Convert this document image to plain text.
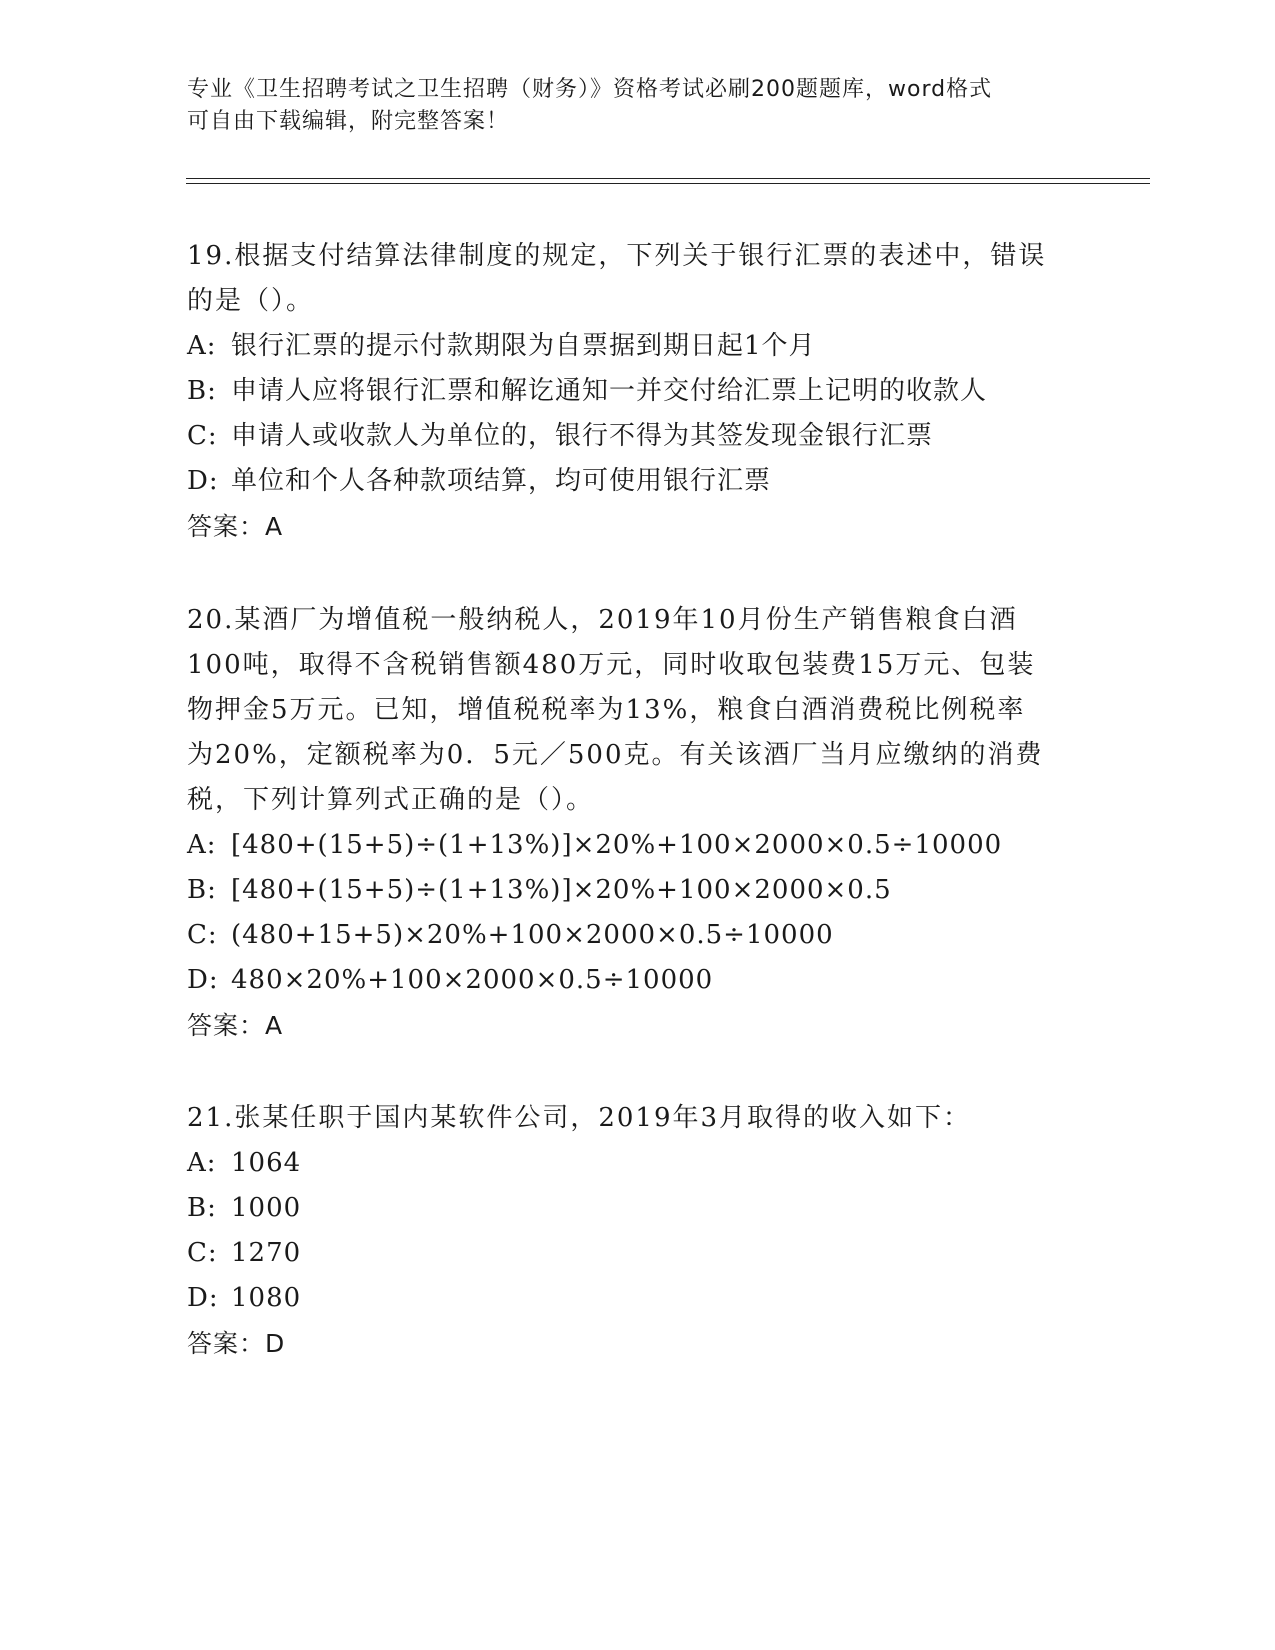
专业《卫生招聘考试之卫生招聘（财务）》资格考试必刷200题题库，word格式
可自由下载编辑，附完整答案！
19.根据支付结算法律制度的规定，下列关于银行汇票的表述中，错误
的是（）。
A: 银行汇票的提示付款期限为自票据到期日起1个月
B: 申请人应将银行汇票和解讫通知一并交付给汇票上记明的收款人
C: 申请人或收款人为单位的，银行不得为其签发现金银行汇票
D: 单位和个人各种款项结算，均可使用银行汇票
答案：A
20.某酒厂为增值税一般纳税人，2019年10月份生产销售粮食白酒
100吨，取得不含税销售额480万元，同时收取包装费15万元、包装
物押金5万元。已知，增值税税率为13%，粮食白酒消费税比例税率
为20%，定额税率为0．5元／500克。有关该酒厂当月应缴纳的消费
税，下列计算列式正确的是（）。
A: [480+(15+5)÷(1+13%)]×20%+100×2000×0.5÷10000
B: [480+(15+5)÷(1+13%)]×20%+100×2000×0.5
C: (480+15+5)×20%+100×2000×0.5÷10000
D: 480×20%+100×2000×0.5÷10000
答案：A
21.张某任职于国内某软件公司，2019年3月取得的收入如下：
A: 1064
B: 1000
C: 1270
D: 1080
答案：D
